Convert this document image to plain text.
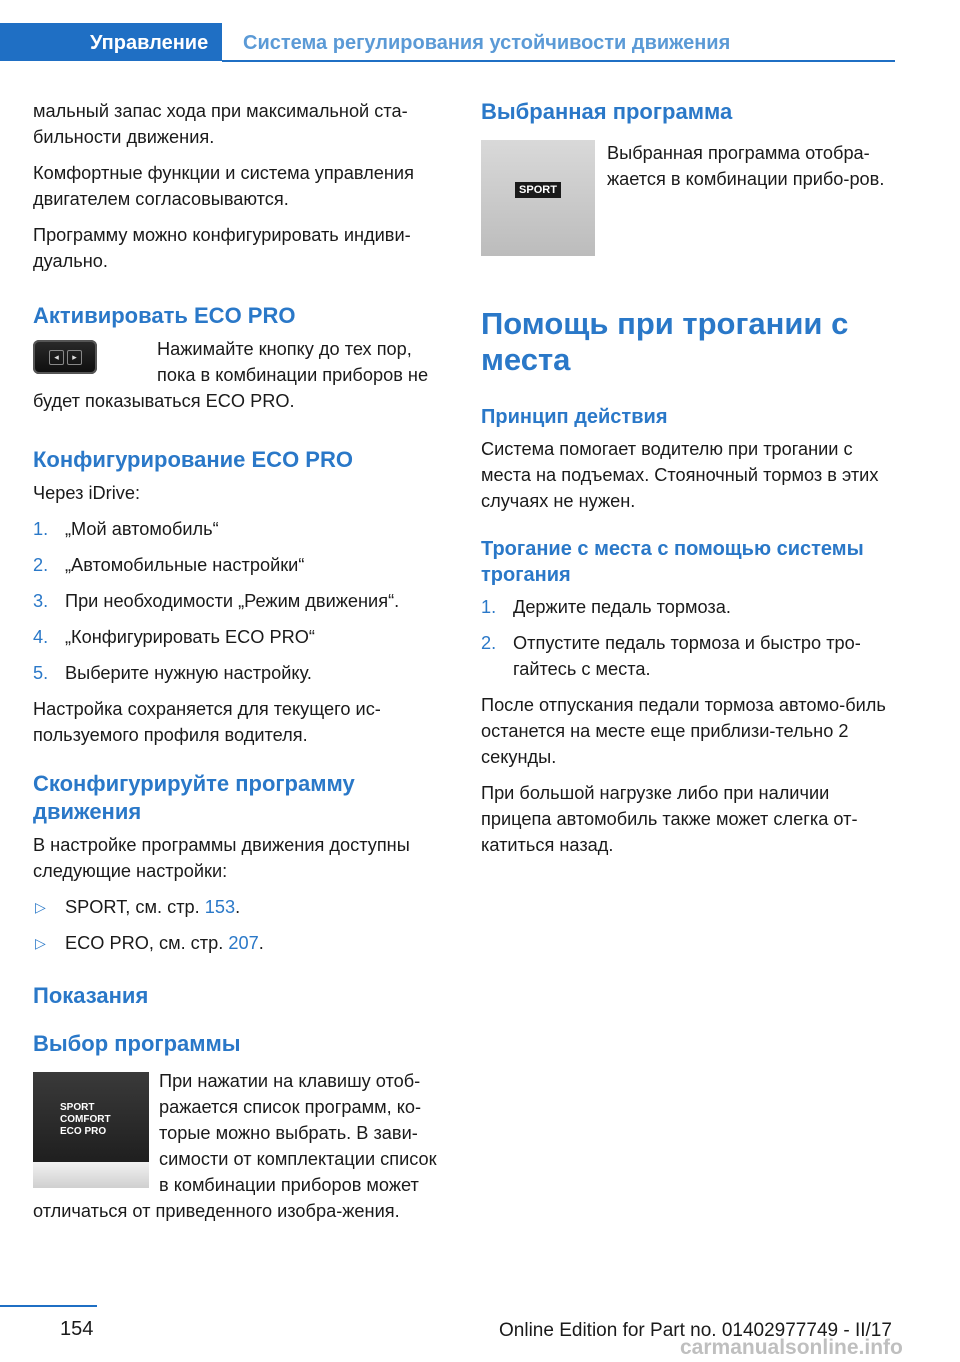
Управление	Система регулирования устойчивости движения

мальный запас хода при максимальной ста-бильности движения.

Комфортные функции и система управления двигателем согласовываются.

Программу можно конфигурировать индиви-дуально.

Активировать ECO PRO
◂	▸	Нажимайте кнопку до тех пор, пока в комбинации приборов не будет показываться ECO PRO.

Конфигурирование ECO PRO

Через iDrive:

1. „Мой автомобиль“
2. „Автомобильные настройки“
3. При необходимости „Режим движения“.
4. „Конфигурировать ECO PRO“
5. Выберите нужную настройку.

Настройка сохраняется для текущего ис-пользуемого профиля водителя.

Сконфигурируйте программу движения

В настройке программы движения доступны следующие настройки:

▷ SPORT, см. стр. 153.
▷ ECO PRO, см. стр. 207.
Показания
Выбор программы
SPORT
COMFORT
ECO PRO

При нажатии на клавишу отоб-ражается список программ, ко-торые можно выбрать. В зави-симости от комплектации список в комбинации приборов может отличаться от приведенного изобра-жения.

Выбранная программа
SPORT

Выбранная программа отобра-жается в комбинации прибо-ров.

Помощь при трогании с места
Принцип действия

Система помогает водителю при трогании с места на подъемах. Стояночный тормоз в этих случаях не нужен.

Трогание с места с помощью системы трогания
1. Держите педаль тормоза.
2. Отпустите педаль тормоза и быстро тро-гайтесь с места.

После отпускания педали тормоза автомо-биль останется на месте еще приблизи-тельно 2 секунды.

При большой нагрузке либо при наличии прицепа автомобиль также может слегка от-катиться назад.

154	Online Edition for Part no. 01402977749 - II/17
carmanualsonline.info
